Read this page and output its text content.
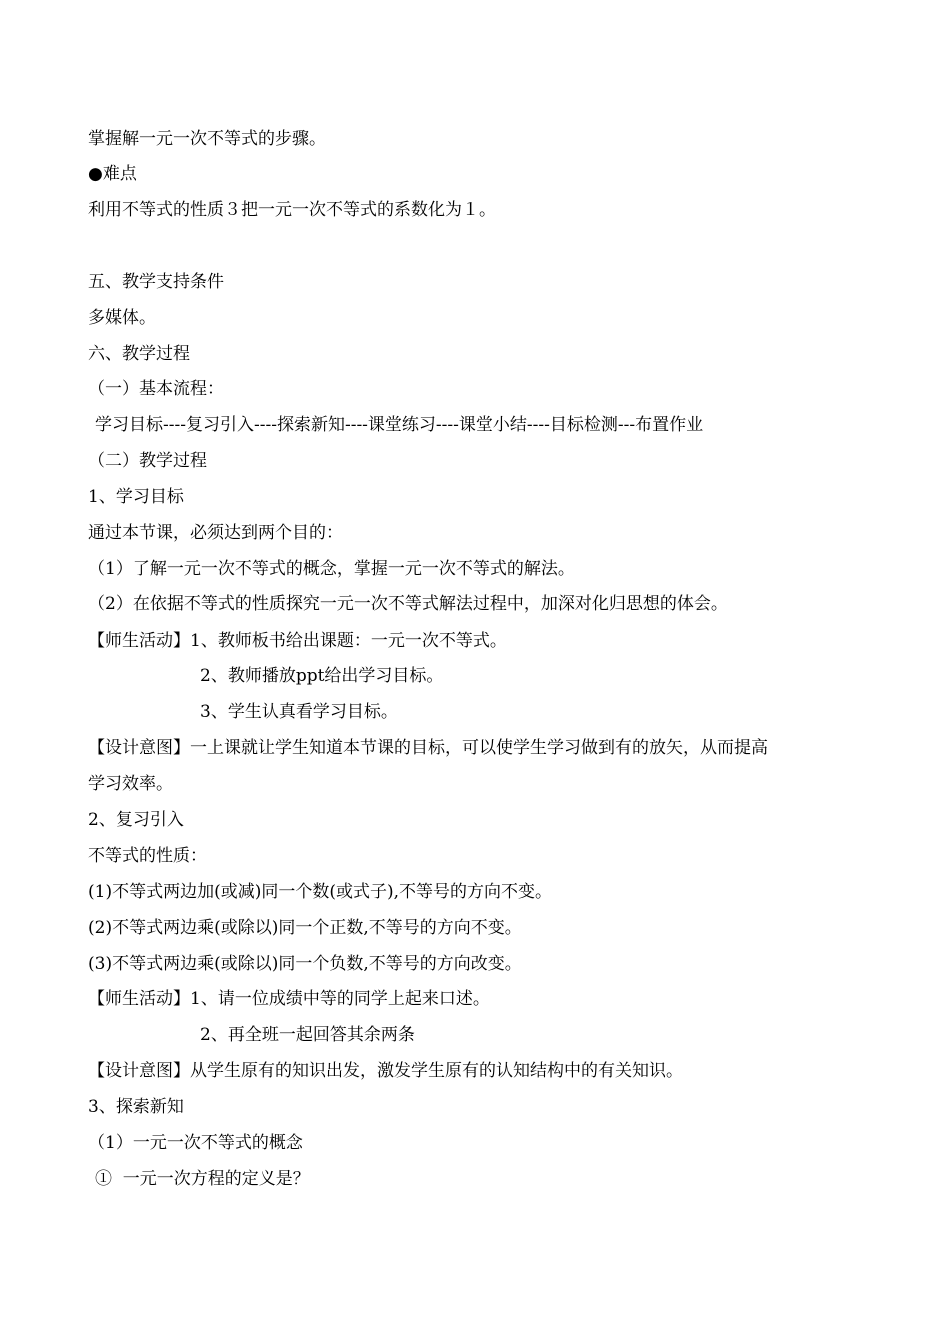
掌握解一元一次不等式的步骤。
●难点
利用不等式的性质３把一元一次不等式的系数化为１。
五、教学支持条件
多媒体。
六、教学过程
（一）基本流程：
学习目标----复习引入----探索新知----课堂练习----课堂小结----目标检测---布置作业
（二）教学过程
1、学习目标
通过本节课，必须达到两个目的：
（1）了解一元一次不等式的概念，掌握一元一次不等式的解法。
（2）在依据不等式的性质探究一元一次不等式解法过程中，加深对化归思想的体会。
【师生活动】1、教师板书给出课题：一元一次不等式。
2、教师播放ppt给出学习目标。
3、学生认真看学习目标。
【设计意图】一上课就让学生知道本节课的目标，可以使学生学习做到有的放矢，从而提高
学习效率。
2、复习引入
不等式的性质：
(1)不等式两边加(或减)同一个数(或式子),不等号的方向不变。
(2)不等式两边乘(或除以)同一个正数,不等号的方向不变。
(3)不等式两边乘(或除以)同一个负数,不等号的方向改变。
【师生活动】1、请一位成绩中等的同学上起来口述。
2、再全班一起回答其余两条
【设计意图】从学生原有的知识出发，激发学生原有的认知结构中的有关知识。
3、探索新知
（1）一元一次不等式的概念
①  一元一次方程的定义是？
